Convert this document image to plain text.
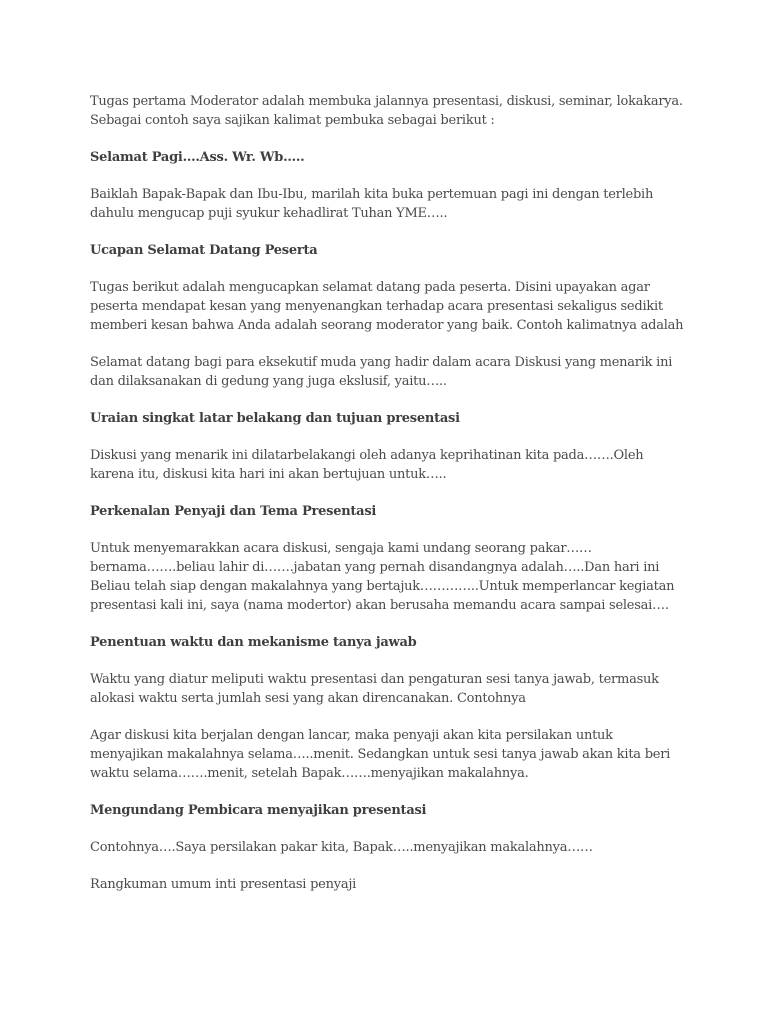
Tugas pertama Moderator adalah membuka jalannya presentasi, diskusi, seminar, lokakarya. Sebagai contoh saya sajikan kalimat pembuka sebagai berikut :

Selamat Pagi….Ass. Wr. Wb…..

Baiklah Bapak-Bapak dan Ibu-Ibu, marilah kita buka pertemuan pagi ini dengan terlebih dahulu mengucap puji syukur kehadlirat Tuhan YME…..

Ucapan Selamat Datang Peserta

Tugas berikut adalah mengucapkan selamat datang pada peserta. Disini upayakan agar peserta mendapat kesan yang menyenangkan terhadap acara presentasi sekaligus sedikit memberi kesan bahwa Anda adalah seorang moderator yang baik. Contoh kalimatnya adalah

Selamat datang bagi para eksekutif muda yang hadir dalam acara Diskusi yang menarik ini dan dilaksanakan di gedung yang juga ekslusif, yaitu…..

Uraian singkat latar belakang dan tujuan presentasi

Diskusi yang menarik ini dilatarbelakangi oleh adanya keprihatinan kita pada…….Oleh karena itu, diskusi kita hari ini akan bertujuan untuk…..

Perkenalan Penyaji dan Tema Presentasi

Untuk menyemarakkan acara diskusi, sengaja kami undang seorang pakar……bernama…….beliau lahir di…….jabatan yang pernah disandangnya adalah…..Dan hari ini Beliau telah siap dengan makalahnya yang bertajuk…………..Untuk memperlancar kegiatan presentasi kali ini, saya (nama modertor) akan berusaha memandu acara sampai selesai….

Penentuan waktu dan mekanisme tanya jawab

Waktu yang diatur meliputi waktu presentasi dan pengaturan sesi tanya jawab, termasuk alokasi waktu serta jumlah sesi yang akan direncanakan. Contohnya

Agar diskusi kita berjalan dengan lancar, maka penyaji akan kita persilakan untuk menyajikan makalahnya selama…..menit. Sedangkan untuk sesi tanya jawab akan kita beri waktu selama…….menit, setelah Bapak…….menyajikan makalahnya.

Mengundang Pembicara menyajikan presentasi

Contohnya….Saya persilakan pakar kita, Bapak…..menyajikan makalahnya……

Rangkuman umum inti presentasi penyaji
